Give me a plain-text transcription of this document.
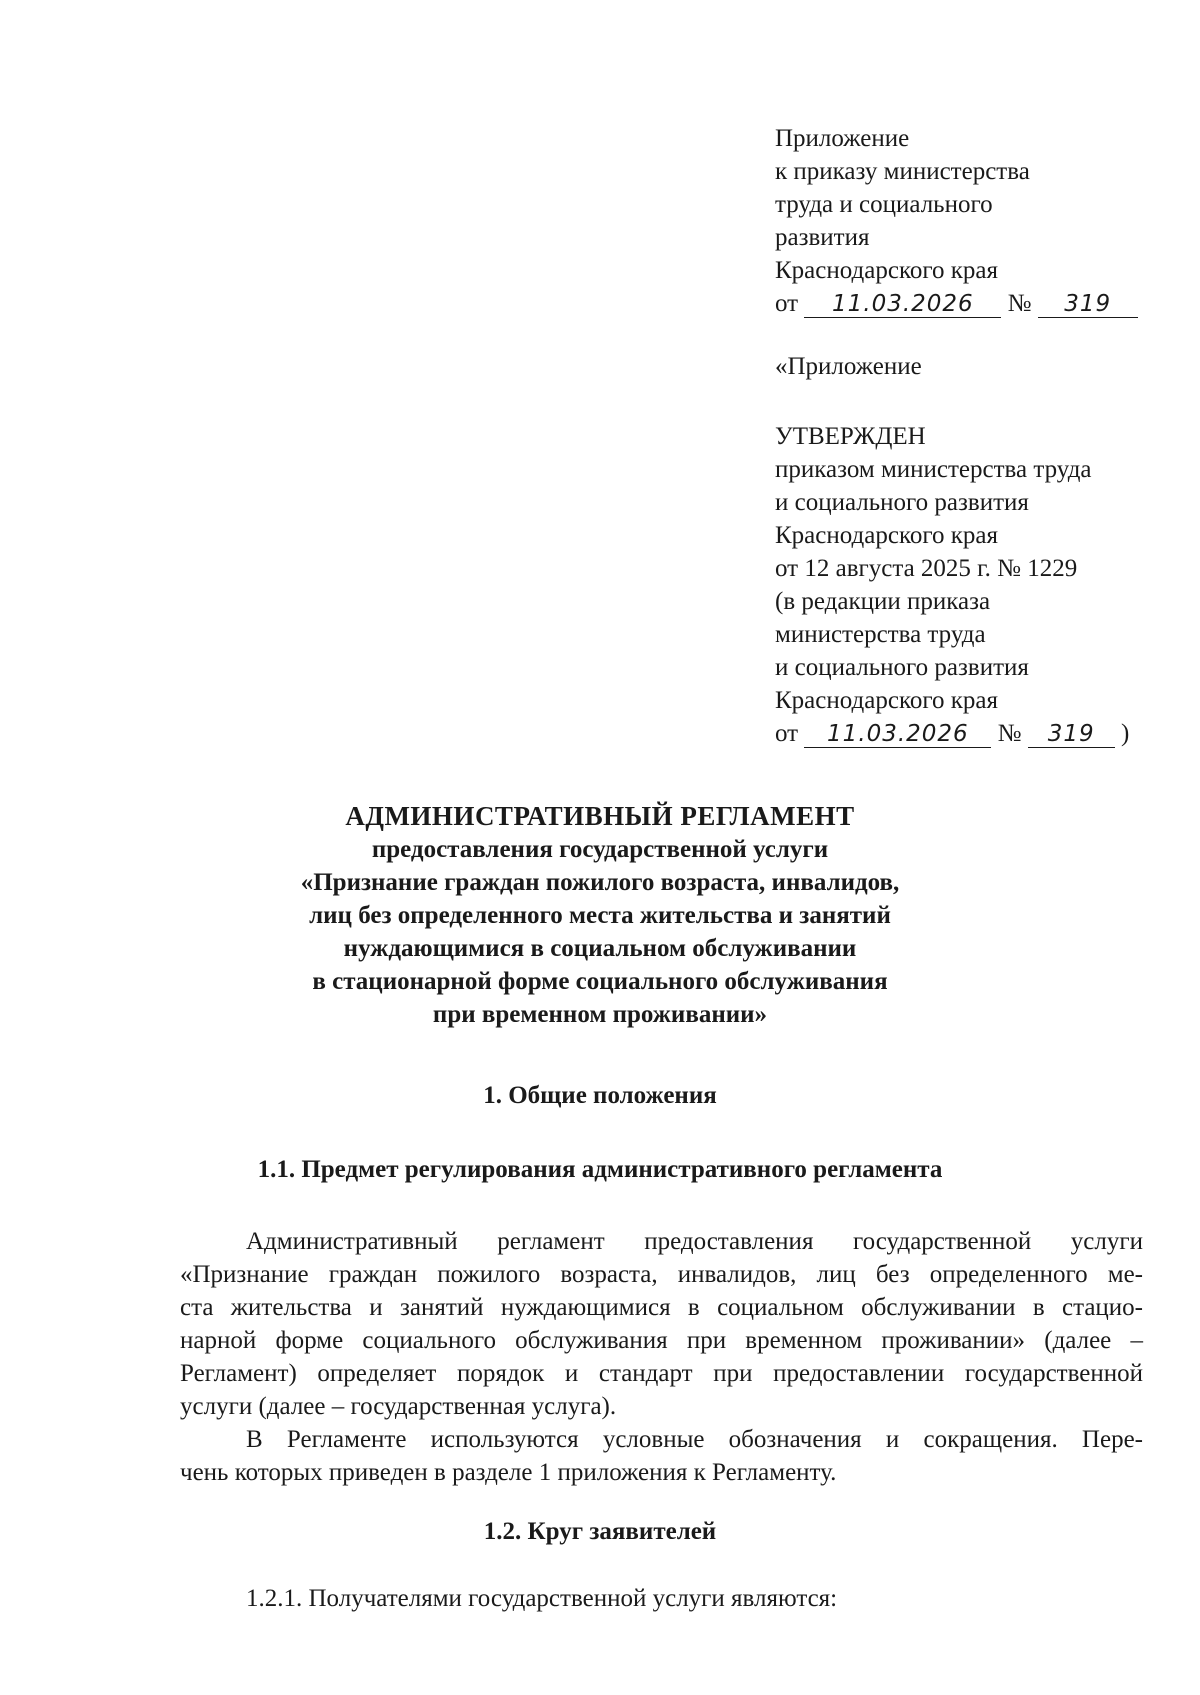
Приложение
к приказу министерства
труда и социального
развития
Краснодарского края
от 11.03.2026 № 319
«Приложение
УТВЕРЖДЕН
приказом министерства труда
и социального развития
Краснодарского края
от 12 августа 2025 г. № 1229
(в редакции приказа
министерства труда
и социального развития
Краснодарского края
от 11.03.2026 № 319 )
АДМИНИСТРАТИВНЫЙ РЕГЛАМЕНТ
предоставления государственной услуги
«Признание граждан пожилого возраста, инвалидов,
лиц без определенного места жительства и занятий
нуждающимися в социальном обслуживании
в стационарной форме социального обслуживания
при временном проживании»
1. Общие положения
1.1. Предмет регулирования административного регламента
Административный регламент предоставления государственной услуги
«Признание граждан пожилого возраста, инвалидов, лиц без определенного ме-
ста жительства и занятий нуждающимися в социальном обслуживании в стацио-
нарной форме социального обслуживания при временном проживании» (далее –
Регламент) определяет порядок и стандарт при предоставлении государственной
услуги (далее – государственная услуга).
В Регламенте используются условные обозначения и сокращения. Пере-
чень которых приведен в разделе 1 приложения к Регламенту.
1.2. Круг заявителей
1.2.1. Получателями государственной услуги являются:
